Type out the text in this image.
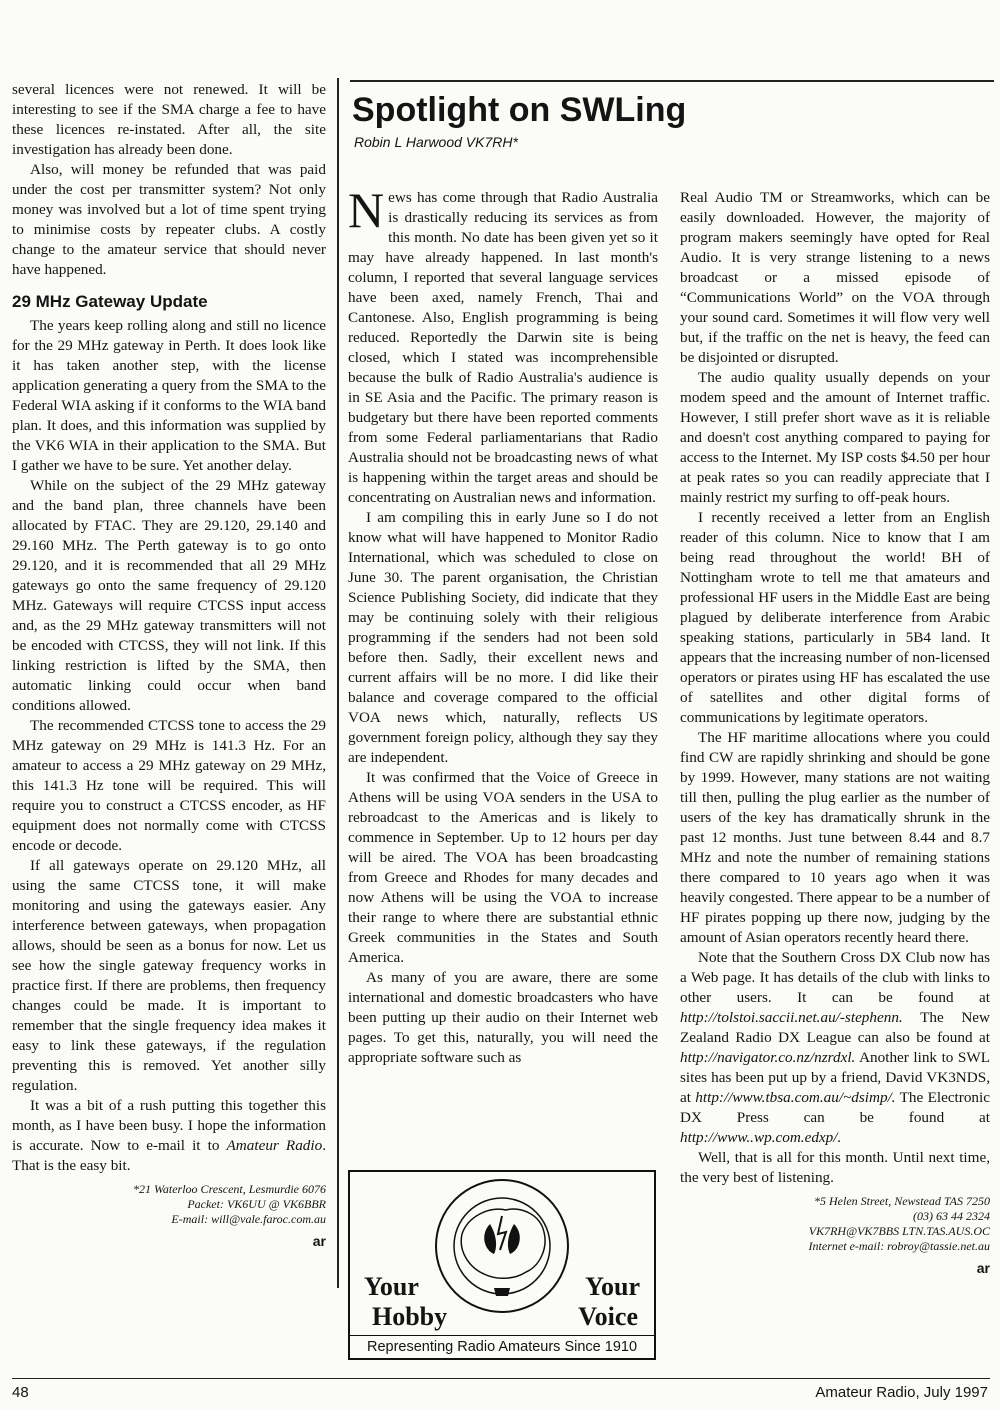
Spotlight on SWLing
Robin L Harwood VK7RH*

several licences were not renewed. It will be interesting to see if the SMA charge a fee to have these licences re-instated. After all, the site investigation has already been done.

Also, will money be refunded that was paid under the cost per transmitter system? Not only money was involved but a lot of time spent trying to minimise costs by repeater clubs. A costly change to the amateur service that should never have happened.

29 MHz Gateway Update

The years keep rolling along and still no licence for the 29 MHz gateway in Perth. It does look like it has taken another step, with the license application generating a query from the SMA to the Federal WIA asking if it conforms to the WIA band plan. It does, and this information was supplied by the VK6 WIA in their application to the SMA. But I gather we have to be sure. Yet another delay.

While on the subject of the 29 MHz gateway and the band plan, three channels have been allocated by FTAC. They are 29.120, 29.140 and 29.160 MHz. The Perth gateway is to go onto 29.120, and it is recommended that all 29 MHz gateways go onto the same frequency of 29.120 MHz. Gateways will require CTCSS input access and, as the 29 MHz gateway transmitters will not be encoded with CTCSS, they will not link. If this linking restriction is lifted by the SMA, then automatic linking could occur when band conditions allowed.

The recommended CTCSS tone to access the 29 MHz gateway on 29 MHz is 141.3 Hz. For an amateur to access a 29 MHz gateway on 29 MHz, this 141.3 Hz tone will be required. This will require you to construct a CTCSS encoder, as HF equipment does not normally come with CTCSS encode or decode.

If all gateways operate on 29.120 MHz, all using the same CTCSS tone, it will make monitoring and using the gateways easier. Any interference between gateways, when propagation allows, should be seen as a bonus for now. Let us see how the single gateway frequency works in practice first. If there are problems, then frequency changes could be made. It is important to remember that the single frequency idea makes it easy to link these gateways, if the regulation preventing this is removed. Yet another silly regulation.

It was a bit of a rush putting this together this month, as I have been busy. I hope the information is accurate. Now to e-mail it to Amateur Radio. That is the easy bit.

*21 Waterloo Crescent, Lesmurdie 6076
Packet: VK6UU @ VK6BBR
E-mail: will@vale.faroc.com.au
ar

News has come through that Radio Australia is drastically reducing its services as from this month. No date has been given yet so it may have already happened. In last month's column, I reported that several language services have been axed, namely French, Thai and Cantonese. Also, English programming is being reduced. Reportedly the Darwin site is being closed, which I stated was incomprehensible because the bulk of Radio Australia's audience is in SE Asia and the Pacific. The primary reason is budgetary but there have been reported comments from some Federal parliamentarians that Radio Australia should not be broadcasting news of what is happening within the target areas and should be concentrating on Australian news and information.

I am compiling this in early June so I do not know what will have happened to Monitor Radio International, which was scheduled to close on June 30. The parent organisation, the Christian Science Publishing Society, did indicate that they may be continuing solely with their religious programming if the senders had not been sold before then. Sadly, their excellent news and current affairs will be no more. I did like their balance and coverage compared to the official VOA news which, naturally, reflects US government foreign policy, although they say they are independent.

It was confirmed that the Voice of Greece in Athens will be using VOA senders in the USA to rebroadcast to the Americas and is likely to commence in September. Up to 12 hours per day will be aired. The VOA has been broadcasting from Greece and Rhodes for many decades and now Athens will be using the VOA to increase their range to where there are substantial ethnic Greek communities in the States and South America.

As many of you are aware, there are some international and domestic broadcasters who have been putting up their audio on their Internet web pages. To get this, naturally, you will need the appropriate software such as

Your
Hobby
Your
Voice
Representing Radio Amateurs Since 1910

Real Audio TM or Streamworks, which can be easily downloaded. However, the majority of program makers seemingly have opted for Real Audio. It is very strange listening to a news broadcast or a missed episode of “Communications World” on the VOA through your sound card. Sometimes it will flow very well but, if the traffic on the net is heavy, the feed can be disjointed or disrupted.

The audio quality usually depends on your modem speed and the amount of Internet traffic. However, I still prefer short wave as it is reliable and doesn't cost anything compared to paying for access to the Internet. My ISP costs $4.50 per hour at peak rates so you can readily appreciate that I mainly restrict my surfing to off-peak hours.

I recently received a letter from an English reader of this column. Nice to know that I am being read throughout the world! BH of Nottingham wrote to tell me that amateurs and professional HF users in the Middle East are being plagued by deliberate interference from Arabic speaking stations, particularly in 5B4 land. It appears that the increasing number of non-licensed operators or pirates using HF has escalated the use of satellites and other digital forms of communications by legitimate operators.

The HF maritime allocations where you could find CW are rapidly shrinking and should be gone by 1999. However, many stations are not waiting till then, pulling the plug earlier as the number of users of the key has dramatically shrunk in the past 12 months. Just tune between 8.44 and 8.7 MHz and note the number of remaining stations there compared to 10 years ago when it was heavily congested. There appear to be a number of HF pirates popping up there now, judging by the amount of Asian operators recently heard there.

Note that the Southern Cross DX Club now has a Web page. It has details of the club with links to other users. It can be found at http://tolstoi.saccii.net.au/-stephenn. The New Zealand Radio DX League can also be found at http://navigator.co.nz/nzrdxl. Another link to SWL sites has been put up by a friend, David VK3NDS, at http://www.tbsa.com.au/~dsimp/. The Electronic DX Press can be found at http://www..wp.com.edxp/.

Well, that is all for this month. Until next time, the very best of listening.

*5 Helen Street, Newstead TAS 7250
(03) 63 44 2324
VK7RH@VK7BBS LTN.TAS.AUS.OC
Internet e-mail: robroy@tassie.net.au
ar
48	Amateur Radio, July 1997
